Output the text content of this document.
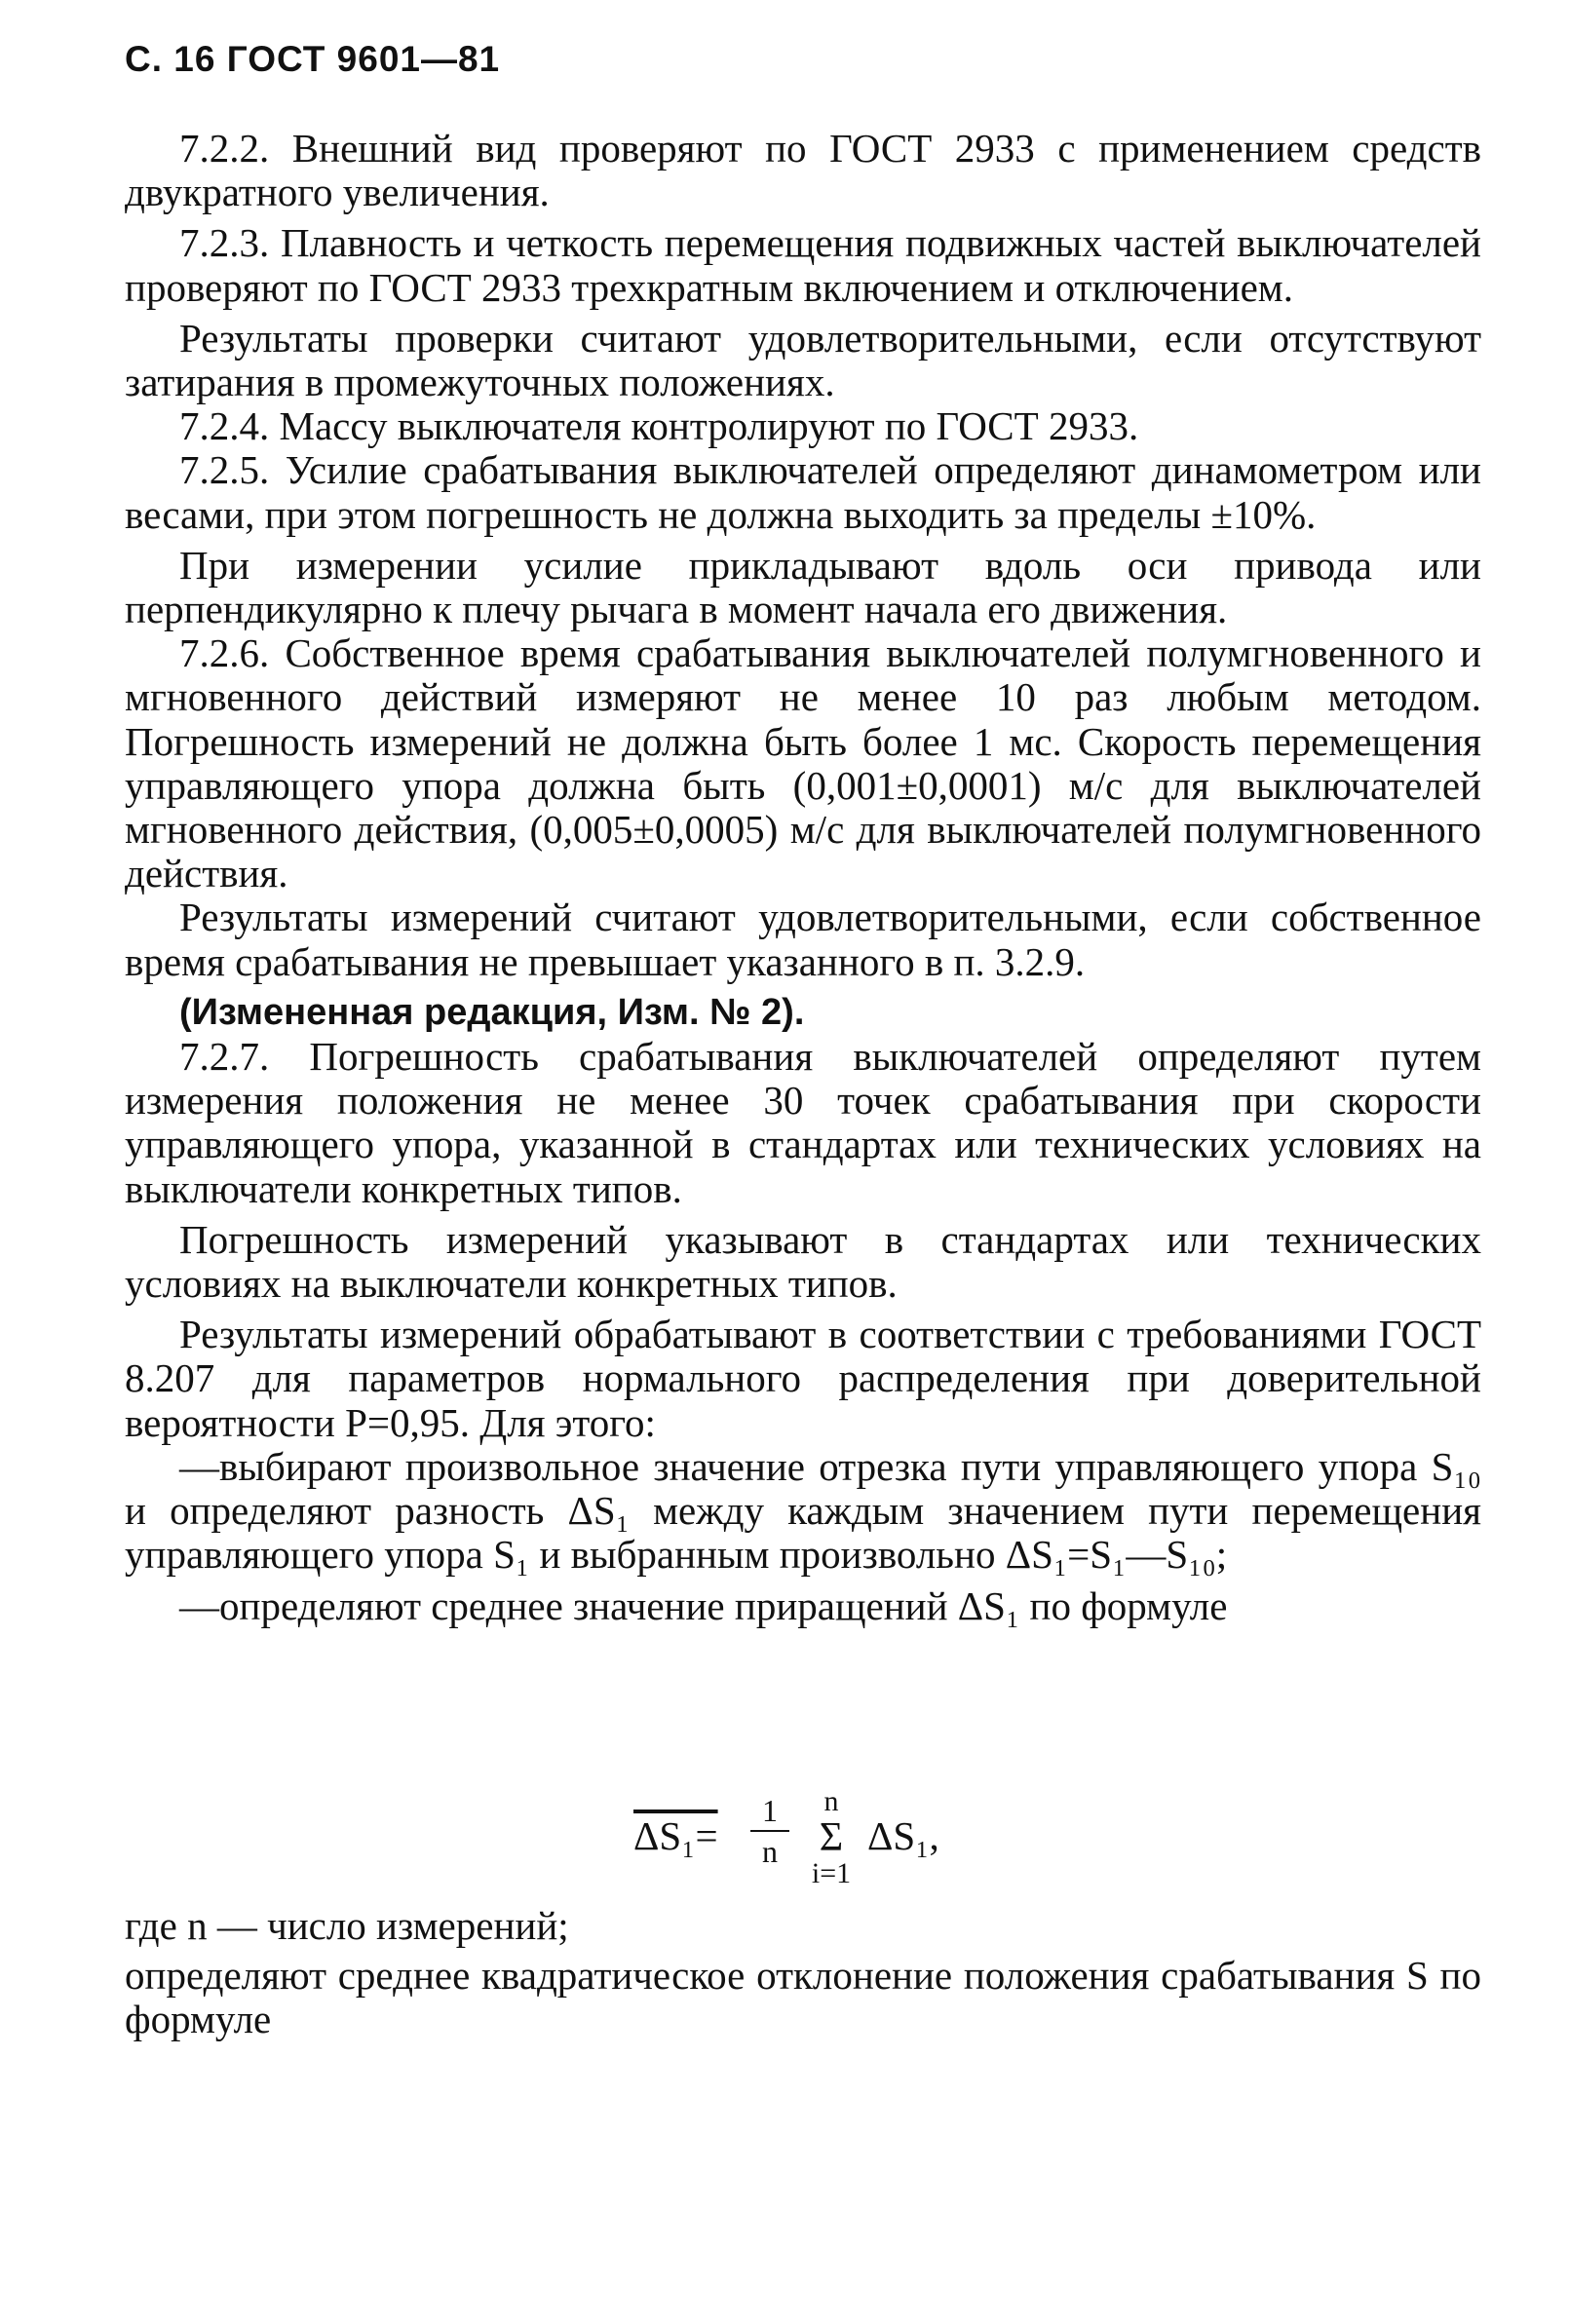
С. 16 ГОСТ 9601—81

7.2.2. Внешний вид проверяют по ГОСТ 2933 с применением средств двукратного увеличения.

7.2.3. Плавность и четкость перемещения подвижных частей выключателей проверяют по ГОСТ 2933 трехкратным включением и отключением.

Результаты проверки считают удовлетворительными, если отсутствуют затирания в промежуточных положениях.

7.2.4. Массу выключателя контролируют по ГОСТ 2933.

7.2.5. Усилие срабатывания выключателей определяют динамометром или весами, при этом погрешность не должна выходить за пределы ±10%.

При измерении усилие прикладывают вдоль оси привода или перпендикулярно к плечу рычага в момент начала его движения.

7.2.6. Собственное время срабатывания выключателей полумгновенного и мгновенного действий измеряют не менее 10 раз любым методом. Погрешность измерений не должна быть более 1 мс. Скорость перемещения управляющего упора должна быть (0,001±0,0001) м/с для выключателей мгновенного действия, (0,005±0,0005) м/с для выключателей полумгновенного действия.

Результаты измерений считают удовлетворительными, если собственное время срабатывания не превышает указанного в п. 3.2.9.

(Измененная редакция, Изм. № 2).

7.2.7. Погрешность срабатывания выключателей определяют путем измерения положения не менее 30 точек срабатывания при скорости управляющего упора, указанной в стандартах или технических условиях на выключатели конкретных типов.

Погрешность измерений указывают в стандартах или технических условиях на выключатели конкретных типов.

Результаты измерений обрабатывают в соответствии с требованиями ГОСТ 8.207 для параметров нормального распределения при доверительной вероятности P=0,95. Для этого:

—выбирают произвольное значение отрезка пути управляющего упора S₁₀ и определяют разность ΔS₁ между каждым значением пути перемещения управляющего упора S₁ и выбранным произвольно ΔS₁=S₁—S₁₀;

—определяют среднее значение приращений ΔS₁ по формуле

ΔS₁=
1
n
n
Σ
i=1
ΔS₁,

где n — число измерений;

определяют среднее квадратическое отклонение положения срабатывания S по формуле
